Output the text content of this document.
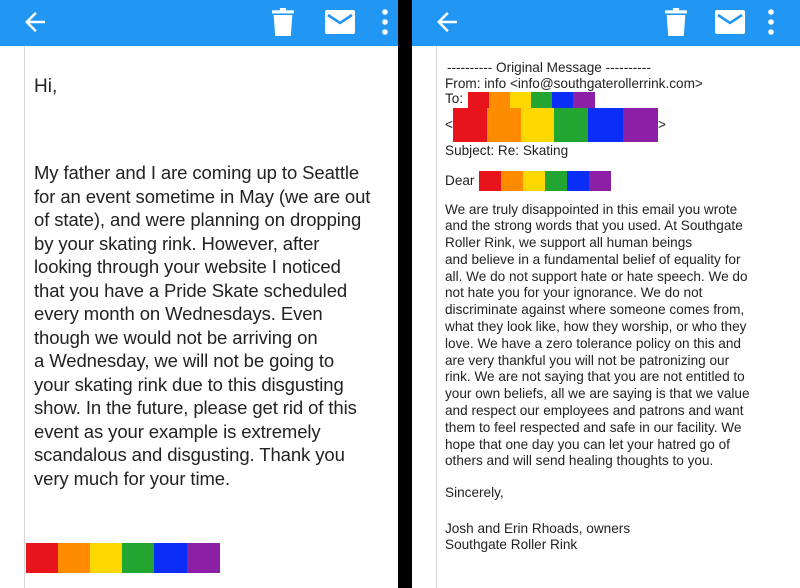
Hi,
My father and I are coming up to Seattle
for an event sometime in May (we are out
of state), and were planning on dropping
by your skating rink. However, after
looking through your website I noticed
that you have a Pride Skate scheduled
every month on Wednesdays. Even
though we would not be arriving on
a Wednesday, we will not be going to
your skating rink due to this disgusting
show. In the future, please get rid of this
event as your example is extremely
scandalous and disgusting. Thank you
very much for your time.
---------- Original Message ----------
From: info <info@southgaterollerrink.com>
To:
<	>
Subject: Re: Skating
Dear
We are truly disappointed in this email you wrote
and the strong words that you used. At Southgate
Roller Rink, we support all human beings
and believe in a fundamental belief of equality for
all. We do not support hate or hate speech. We do
not hate you for your ignorance. We do not
discriminate against where someone comes from,
what they look like, how they worship, or who they
love. We have a zero tolerance policy on this and
are very thankful you will not be patronizing our
rink. We are not saying that you are not entitled to
your own beliefs, all we are saying is that we value
and respect our employees and patrons and want
them to feel respected and safe in our facility. We
hope that one day you can let your hatred go of
others and will send healing thoughts to you.
Sincerely,
Josh and Erin Rhoads, owners
Southgate Roller Rink
